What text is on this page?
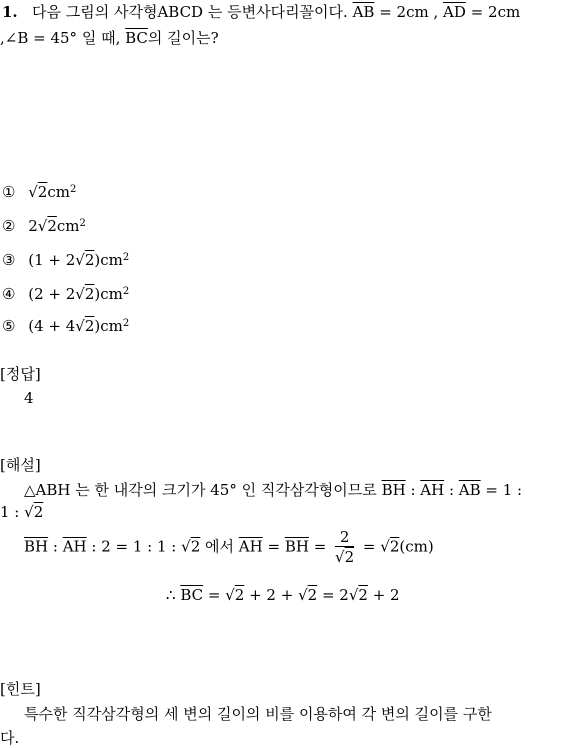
1. 다음 그림의 사각형ABCD 는 등변사다리꼴이다. $\overline{AB} = 2cm$ , $\overline{AD} = 2cm$
,∠B = 45° 일 때, $\overline{BC}$의 길이는?
① $√2cm^2$
② $2√2cm^2$
③ $(1 + 2√2)cm^2$
④ $(2 + 2√2)cm^2$
⑤ $(4 + 4√2)cm^2$
[정답]
4
[해설]
△ABH 는 한 내각의 크기가 45° 인 직각삼각형이므로 $\overline{BH}$ : $\overline{AH}$ : $\overline{AB} = 1$ :
1 : √2
$\overline{BH}$ : $\overline{AH}$ : 2 = 1 : 1 : √2 에서 $\overline{AH} = \overline{BH} = \frac{2}{√2} = √2(cm)$
∴ $\overline{BC} = √2 + 2 + √2 = 2√2 + 2$
[힌트]
특수한 직각삼각형의 세 변의 길이의 비를 이용하여 각 변의 길이를 구한
다.
